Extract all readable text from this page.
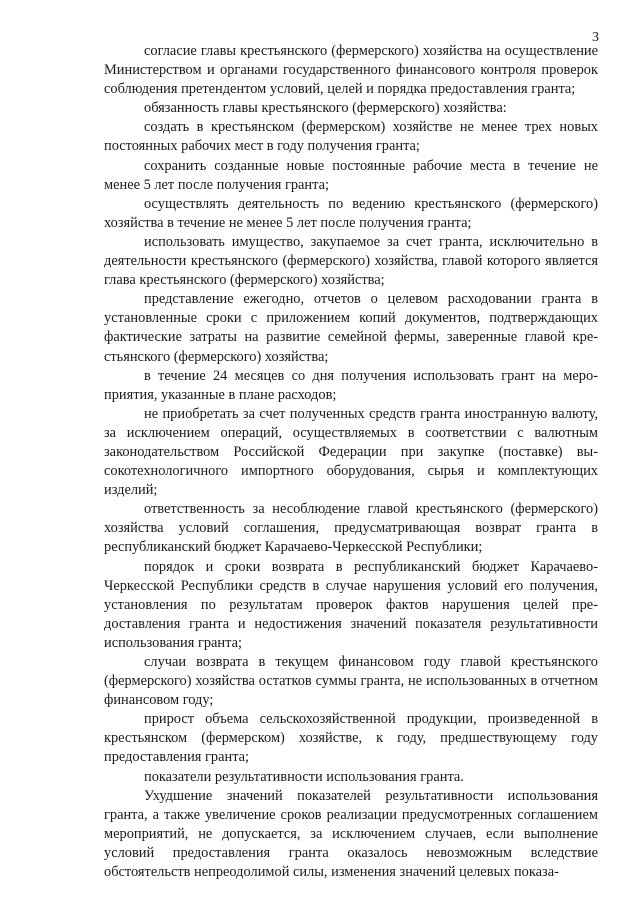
3

согласие главы крестьянского (фермерского) хозяйства на осуществление Министерством и органами государственного финансового контроля проверок соблюдения претендентом условий, целей и порядка предоставления гранта;

обязанность главы крестьянского (фермерского) хозяйства:

создать в крестьянском (фермерском) хозяйстве не менее трех новых постоянных рабочих мест в году получения гранта;

сохранить созданные новые постоянные рабочие места в течение не менее 5 лет после получения гранта;

осуществлять деятельность по ведению крестьянского (фермерского) хозяйства в течение не менее 5 лет после получения гранта;

использовать имущество, закупаемое за счет гранта, исключительно в деятельности крестьянского (фермерского) хозяйства, главой которого является глава крестьянского (фермерского) хозяйства;

представление ежегодно, отчетов о целевом расходовании гранта в установленные сроки с приложением копий документов, подтверждающих фактические затраты на развитие семейной фермы, заверенные главой крестьянского (фермерского) хозяйства;

в течение 24 месяцев со дня получения использовать грант на мероприятия, указанные в плане расходов;

не приобретать за счет полученных средств гранта иностранную валюту, за исключением операций, осуществляемых в соответствии с валютным законодательством Российской Федерации при закупке (поставке) высокотехнологичного импортного оборудования, сырья и комплектующих изделий;

ответственность за несоблюдение главой крестьянского (фермерского) хозяйства условий соглашения, предусматривающая возврат гранта в республиканский бюджет Карачаево-Черкесской Республики;

порядок и сроки возврата в республиканский бюджет Карачаево-Черкесской Республики средств в случае нарушения условий его получения, установления по результатам проверок фактов нарушения целей предоставления гранта и недостижения значений показателя результативности использования гранта;

случаи возврата в текущем финансовом году главой крестьянского (фермерского) хозяйства остатков суммы гранта, не использованных в отчетном финансовом году;

прирост объема сельскохозяйственной продукции, произведенной в крестьянском (фермерском) хозяйстве, к году, предшествующему году предоставления гранта;

показатели результативности использования гранта.

Ухудшение значений показателей результативности использования гранта, а также увеличение сроков реализации предусмотренных соглашением мероприятий, не допускается, за исключением случаев, если выполнение условий предоставления гранта оказалось невозможным вследствие обстоятельств непреодолимой силы, изменения значений целевых показа-
